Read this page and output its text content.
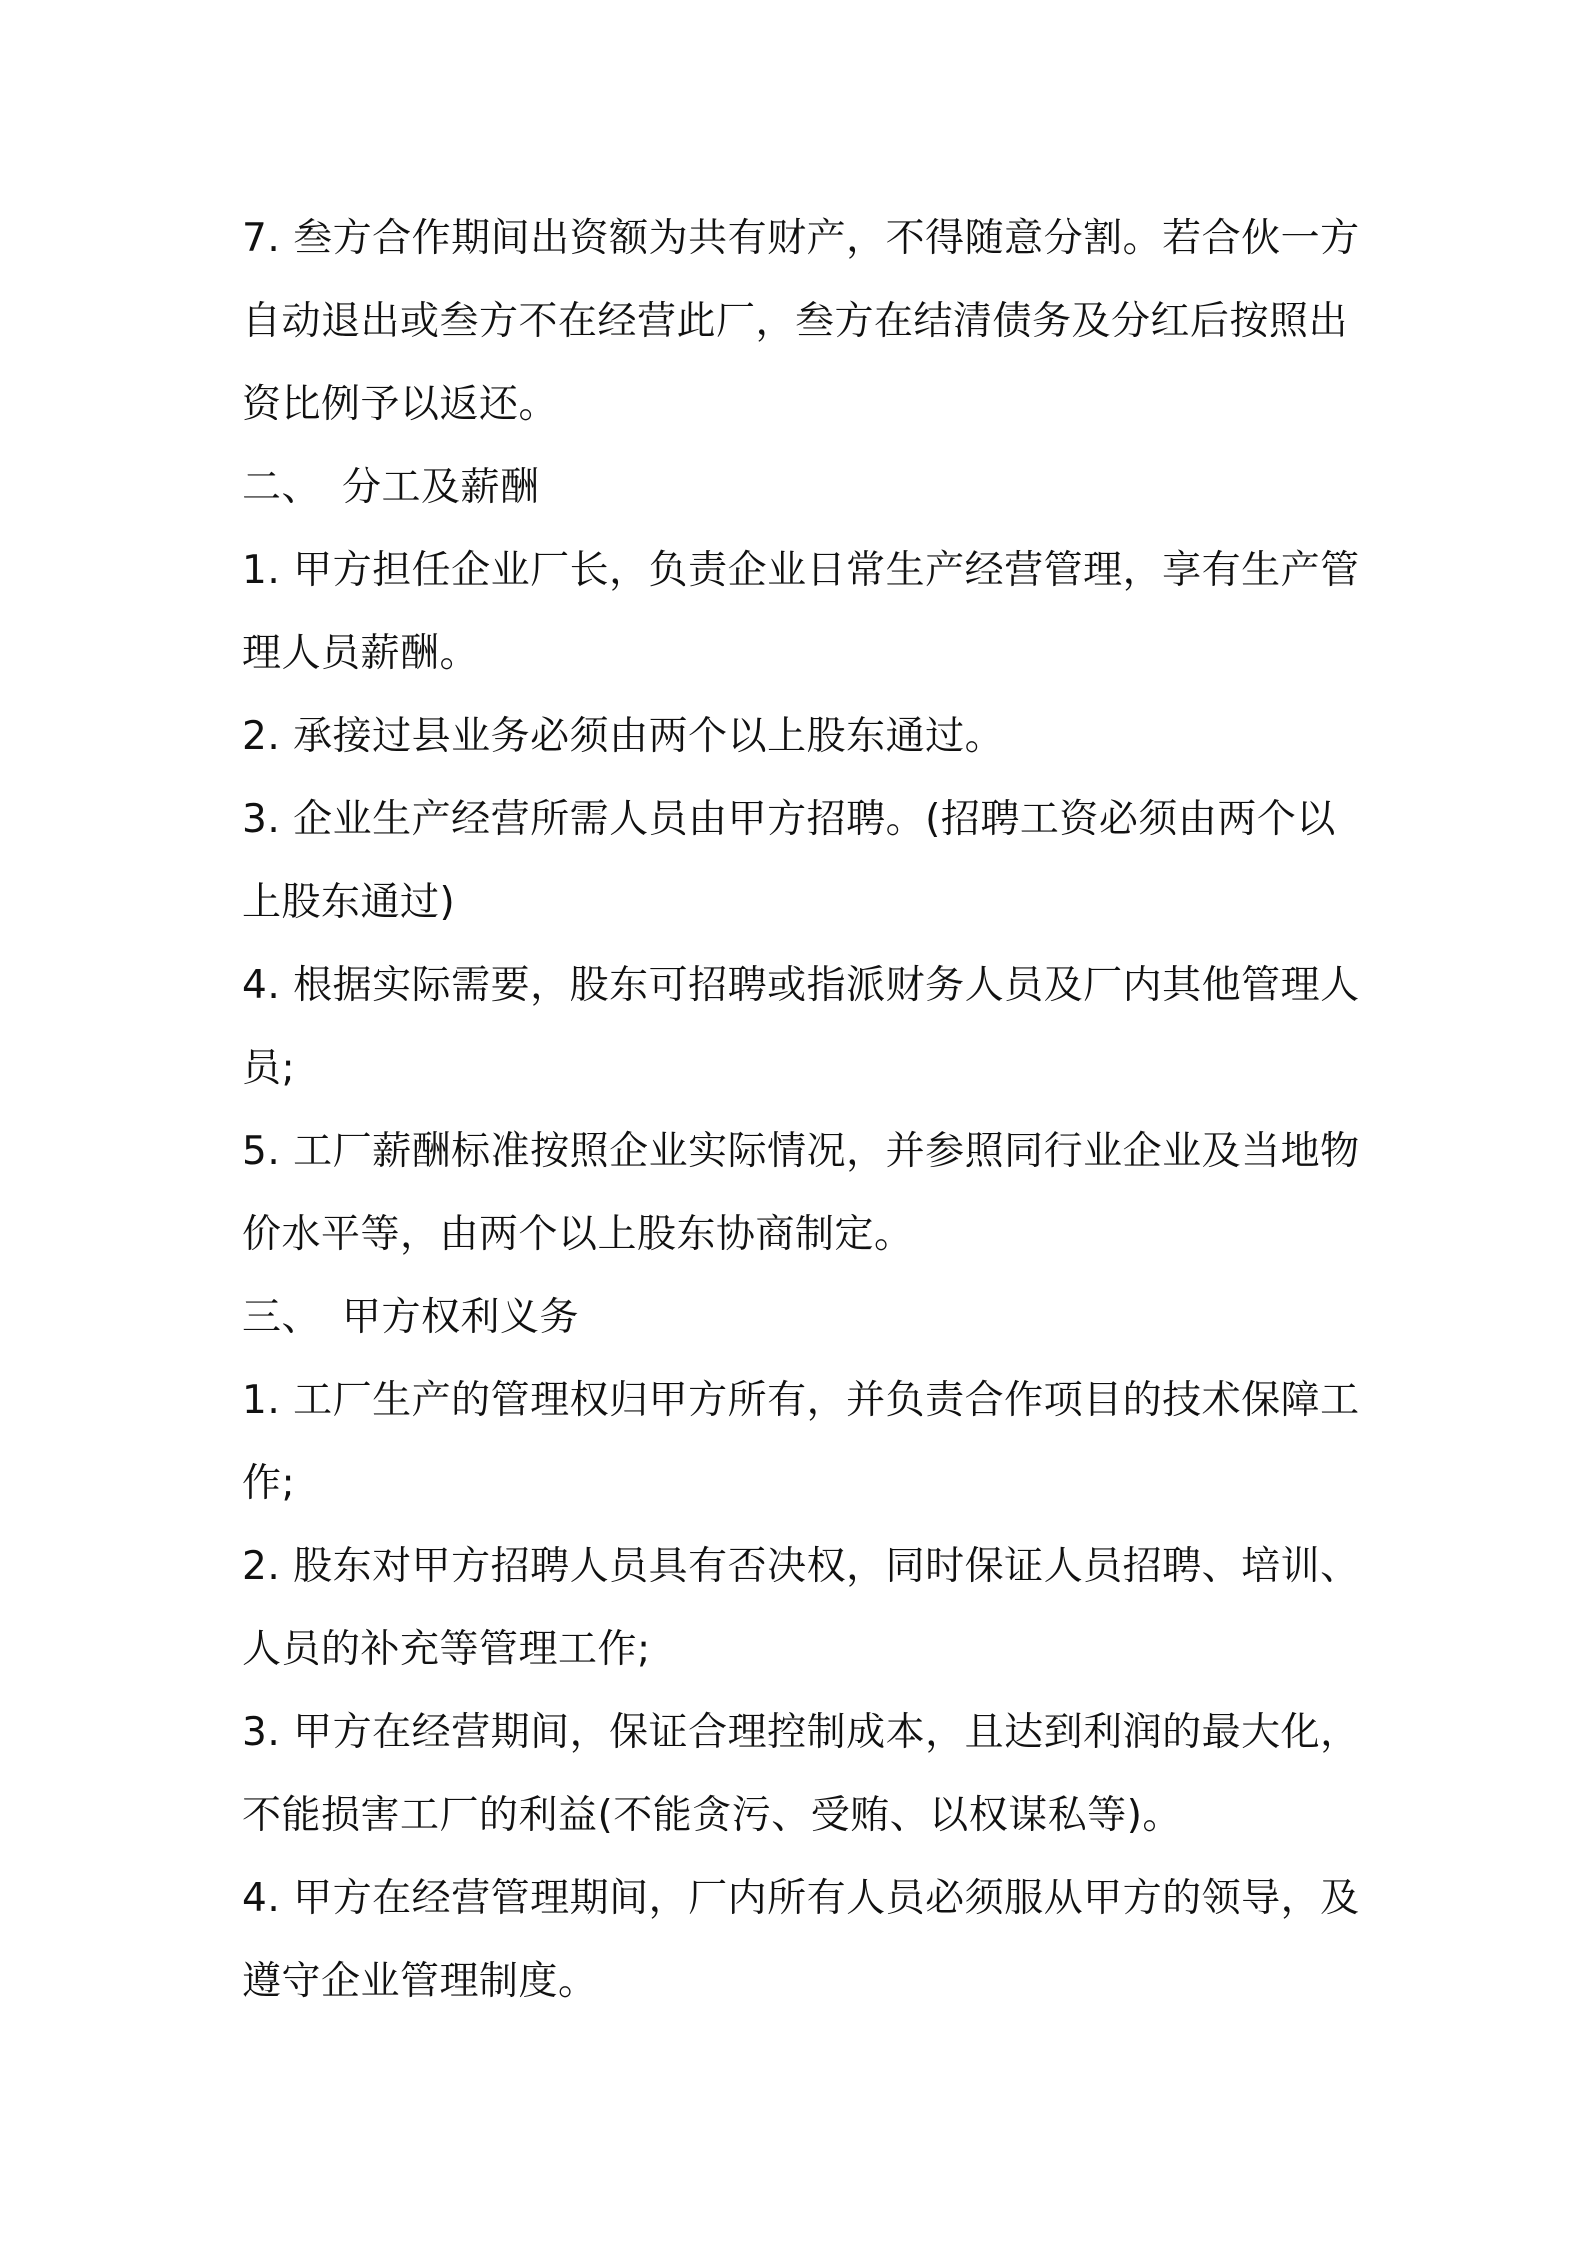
7. 叁方合作期间出资额为共有财产，不得随意分割。若合伙一方自动退出或叁方不在经营此厂，叁方在结清债务及分红后按照出资比例予以返还。

二、 分工及薪酬

1. 甲方担任企业厂长，负责企业日常生产经营管理，享有生产管理人员薪酬。

2. 承接过县业务必须由两个以上股东通过。

3. 企业生产经营所需人员由甲方招聘。(招聘工资必须由两个以上股东通过)

4. 根据实际需要，股东可招聘或指派财务人员及厂内其他管理人员;

5. 工厂薪酬标准按照企业实际情况，并参照同行业企业及当地物价水平等，由两个以上股东协商制定。

三、 甲方权利义务

1. 工厂生产的管理权归甲方所有，并负责合作项目的技术保障工作;

2. 股东对甲方招聘人员具有否决权，同时保证人员招聘、培训、人员的补充等管理工作;

3. 甲方在经营期间，保证合理控制成本，且达到利润的最大化，不能损害工厂的利益(不能贪污、受贿、以权谋私等)。

4. 甲方在经营管理期间，厂内所有人员必须服从甲方的领导，及遵守企业管理制度。
